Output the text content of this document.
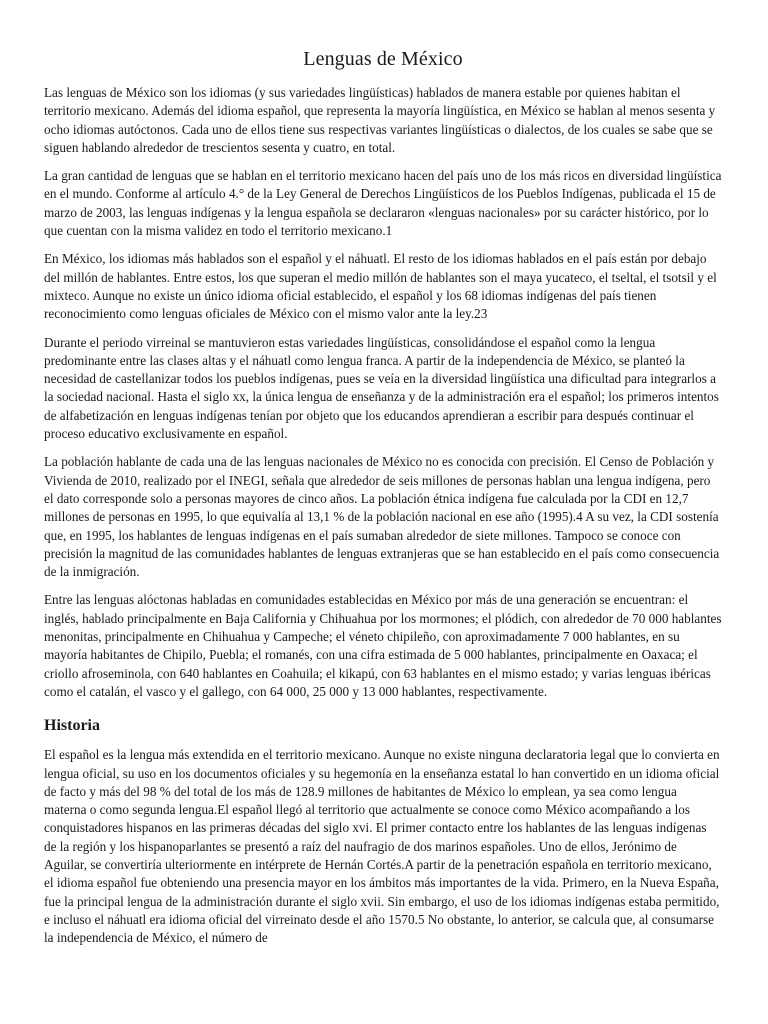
Lenguas de México

Las lenguas de México son los idiomas (y sus variedades lingüísticas) hablados de manera estable por quienes habitan el territorio mexicano. Además del idioma español, que representa la mayoría lingüística, en México se hablan al menos sesenta y ocho idiomas autóctonos. Cada uno de ellos tiene sus respectivas variantes lingüísticas o dialectos, de los cuales se sabe que se siguen hablando alrededor de trescientos sesenta y cuatro, en total.

La gran cantidad de lenguas que se hablan en el territorio mexicano hacen del país uno de los más ricos en diversidad lingüística en el mundo. Conforme al artículo 4.° de la Ley General de Derechos Lingüísticos de los Pueblos Indígenas, publicada el 15 de marzo de 2003, las lenguas indígenas y la lengua española se declararon «lenguas nacionales» por su carácter histórico, por lo que cuentan con la misma validez en todo el territorio mexicano.1

En México, los idiomas más hablados son el español y el náhuatl. El resto de los idiomas hablados en el país están por debajo del millón de hablantes. Entre estos, los que superan el medio millón de hablantes son el maya yucateco, el tseltal, el tsotsil y el mixteco. Aunque no existe un único idioma oficial establecido, el español y los 68 idiomas indígenas del país tienen reconocimiento como lenguas oficiales de México con el mismo valor ante la ley.23

Durante el periodo virreinal se mantuvieron estas variedades lingüísticas, consolidándose el español como la lengua predominante entre las clases altas y el náhuatl como lengua franca. A partir de la independencia de México, se planteó la necesidad de castellanizar todos los pueblos indígenas, pues se veía en la diversidad lingüística una dificultad para integrarlos a la sociedad nacional. Hasta el siglo xx, la única lengua de enseñanza y de la administración era el español; los primeros intentos de alfabetización en lenguas indígenas tenían por objeto que los educandos aprendieran a escribir para después continuar el proceso educativo exclusivamente en español.

La población hablante de cada una de las lenguas nacionales de México no es conocida con precisión. El Censo de Población y Vivienda de 2010, realizado por el INEGI, señala que alrededor de seis millones de personas hablan una lengua indígena, pero el dato corresponde solo a personas mayores de cinco años. La población étnica indígena fue calculada por la CDI en 12,7 millones de personas en 1995, lo que equivalía al 13,1 % de la población nacional en ese año (1995).4 A su vez, la CDI sostenía que, en 1995, los hablantes de lenguas indígenas en el país sumaban alrededor de siete millones. Tampoco se conoce con precisión la magnitud de las comunidades hablantes de lenguas extranjeras que se han establecido en el país como consecuencia de la inmigración.

Entre las lenguas alóctonas habladas en comunidades establecidas en México por más de una generación se encuentran: el inglés, hablado principalmente en Baja California y Chihuahua por los mormones; el plódich, con alrededor de 70 000 hablantes menonitas, principalmente en Chihuahua y Campeche; el véneto chipileño, con aproximadamente 7 000 hablantes, en su mayoría habitantes de Chipilo, Puebla; el romanés, con una cifra estimada de 5 000 hablantes, principalmente en Oaxaca; el criollo afroseminola, con 640 hablantes en Coahuila; el kikapú, con 63 hablantes en el mismo estado; y varias lenguas ibéricas como el catalán, el vasco y el gallego, con 64 000, 25 000 y 13 000 hablantes, respectivamente.

Historia

El español es la lengua más extendida en el territorio mexicano. Aunque no existe ninguna declaratoria legal que lo convierta en lengua oficial, su uso en los documentos oficiales y su hegemonía en la enseñanza estatal lo han convertido en un idioma oficial de facto y más del 98 % del total de los más de 128.9 millones de habitantes de México lo emplean, ya sea como lengua materna o como segunda lengua.El español llegó al territorio que actualmente se conoce como México acompañando a los conquistadores hispanos en las primeras décadas del siglo xvi. El primer contacto entre los hablantes de las lenguas indígenas de la región y los hispanoparlantes se presentó a raíz del naufragio de dos marinos españoles. Uno de ellos, Jerónimo de Aguilar, se convertiría ulteriormente en intérprete de Hernán Cortés.A partir de la penetración española en territorio mexicano, el idioma español fue obteniendo una presencia mayor en los ámbitos más importantes de la vida. Primero, en la Nueva España, fue la principal lengua de la administración durante el siglo xvii. Sin embargo, el uso de los idiomas indígenas estaba permitido, e incluso el náhuatl era idioma oficial del virreinato desde el año 1570.5 No obstante, lo anterior, se calcula que, al consumarse la independencia de México, el número de
